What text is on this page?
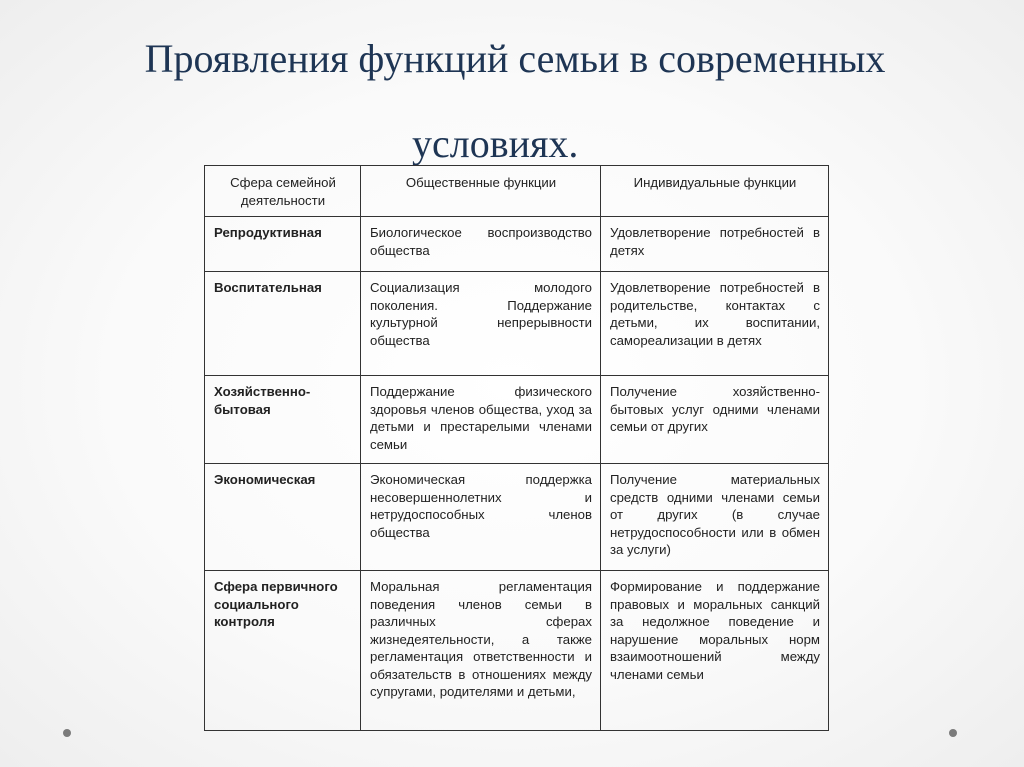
Проявления функций семьи в современных
условиях.
Сфера семейной деятельности	Общественные функции	Индивидуальные функции
Репродуктивная	Биологическое воспроизводство общества	Удовлетворение потребностей в детях
Воспитательная	Социализация молодого поколения. Поддержание культурной непрерывности общества	Удовлетворение потребностей в родительстве, контактах с детьми, их воспитании, самореализации в детях
Хозяйственно-бытовая	Поддержание физического здоровья членов общества, уход за детьми и престарелыми членами семьи	Получение хозяйственно-бытовых услуг одними членами семьи от других
Экономическая	Экономическая поддержка несовершеннолетних и нетрудоспособных членов общества	Получение материальных средств одними членами семьи от других (в случае нетрудоспособности или в обмен за услуги)
Сфера первичного социального контроля	Моральная регламентация поведения членов семьи в различных сферах жизнедеятельности, а также регламентация ответственности и обязательств в отношениях между супругами, родителями и детьми,	Формирование и поддержание правовых и моральных санкций за недолжное поведение и нарушение моральных норм взаимоотношений между членами семьи
